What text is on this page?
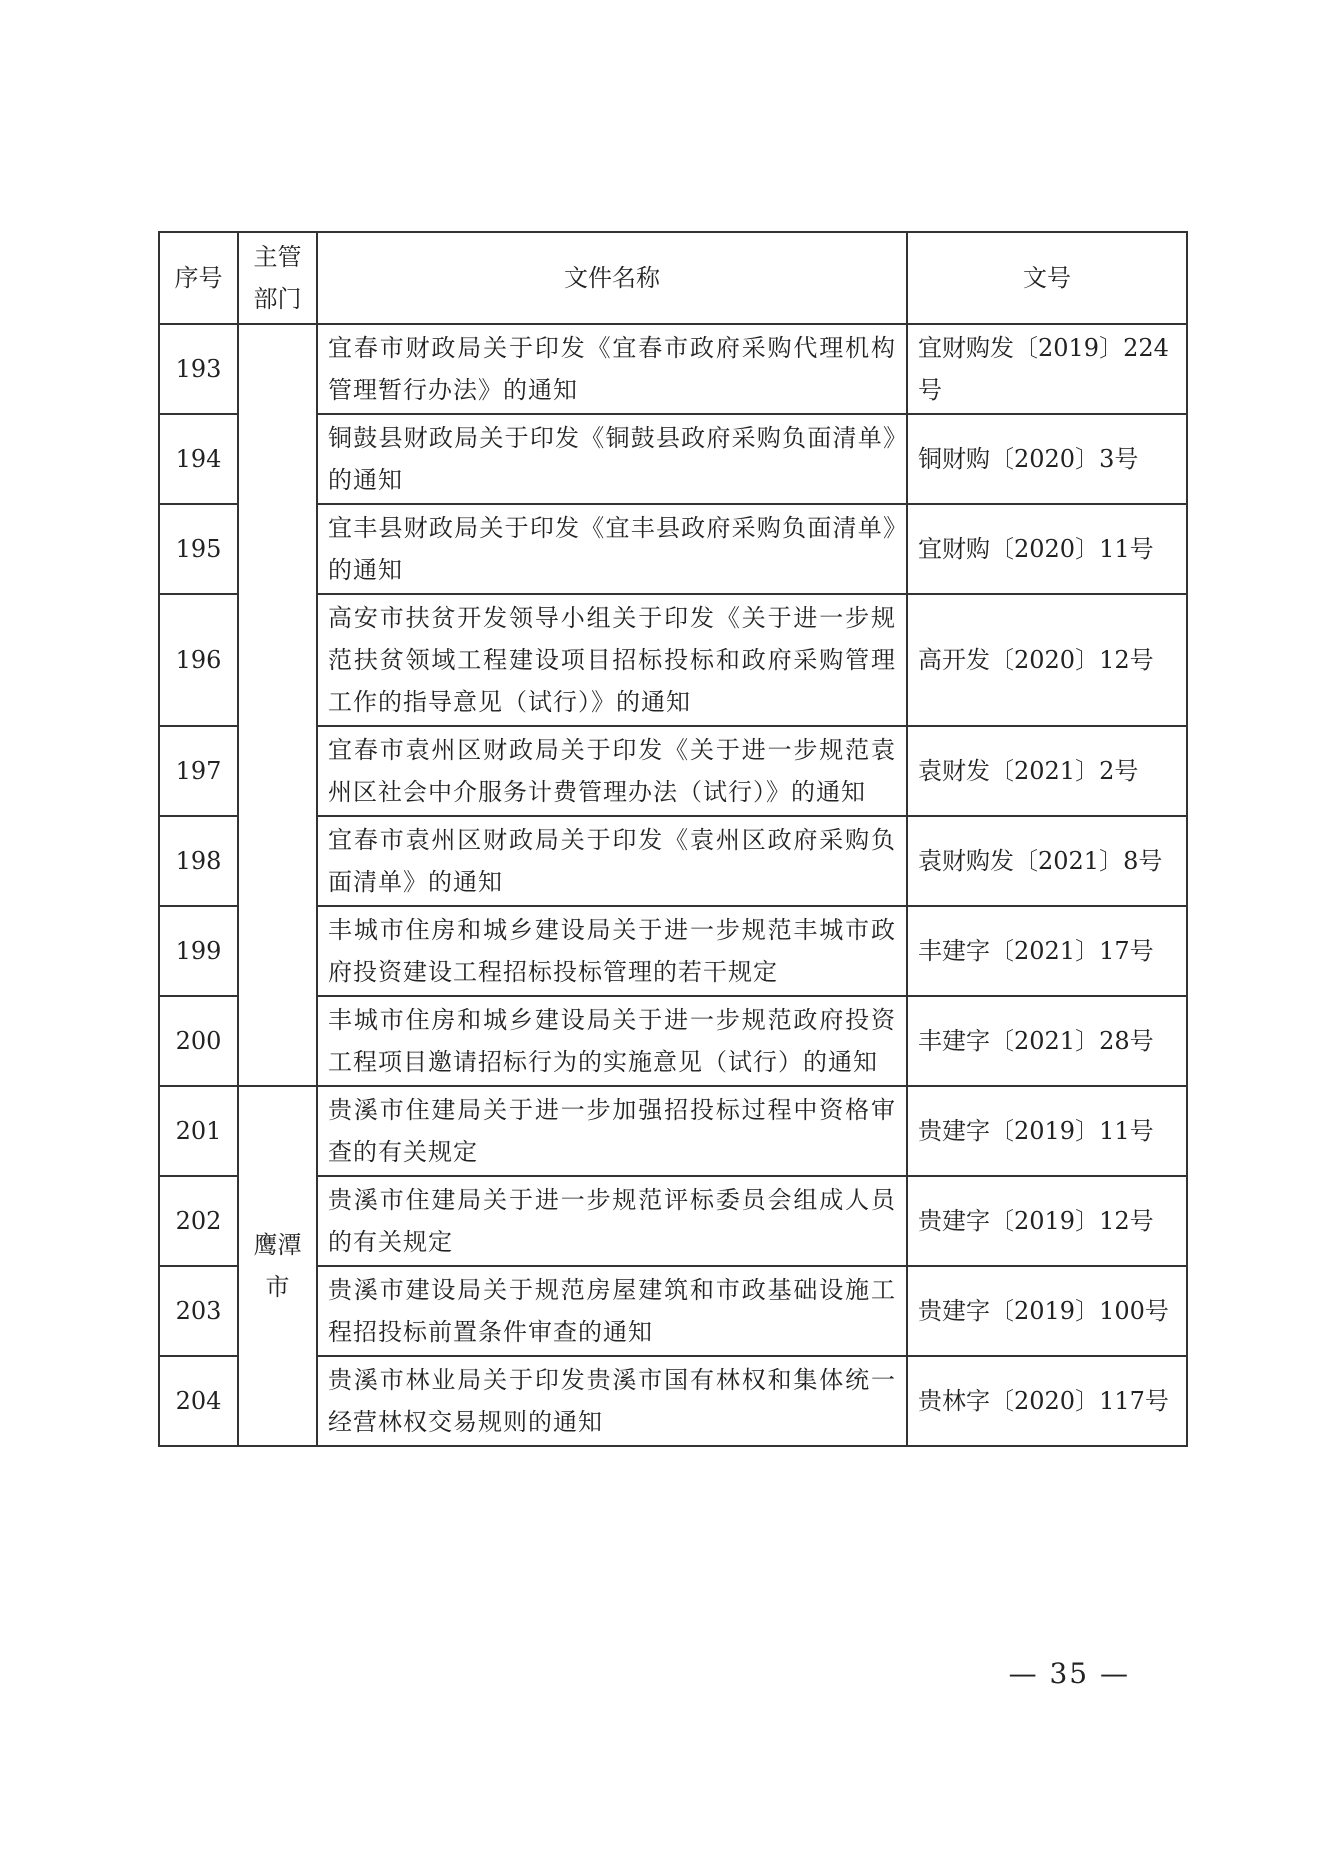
序号	主管部门	文件名称	文号
193		宜春市财政局关于印发《宜春市政府采购代理机构管理暂行办法》的通知	宜财购发〔2019〕224号
194		铜鼓县财政局关于印发《铜鼓县政府采购负面清单》的通知	铜财购〔2020〕3号
195		宜丰县财政局关于印发《宜丰县政府采购负面清单》的通知	宜财购〔2020〕11号
196		高安市扶贫开发领导小组关于印发《关于进一步规范扶贫领域工程建设项目招标投标和政府采购管理工作的指导意见（试行）》的通知	高开发〔2020〕12号
197		宜春市袁州区财政局关于印发《关于进一步规范袁州区社会中介服务计费管理办法（试行）》的通知	袁财发〔2021〕2号
198		宜春市袁州区财政局关于印发《袁州区政府采购负面清单》的通知	袁财购发〔2021〕8号
199		丰城市住房和城乡建设局关于进一步规范丰城市政府投资建设工程招标投标管理的若干规定	丰建字〔2021〕17号
200		丰城市住房和城乡建设局关于进一步规范政府投资工程项目邀请招标行为的实施意见（试行）的通知	丰建字〔2021〕28号
201	鹰潭市	贵溪市住建局关于进一步加强招投标过程中资格审查的有关规定	贵建字〔2019〕11号
202		贵溪市住建局关于进一步规范评标委员会组成人员的有关规定	贵建字〔2019〕12号
203		贵溪市建设局关于规范房屋建筑和市政基础设施工程招投标前置条件审查的通知	贵建字〔2019〕100号
204		贵溪市林业局关于印发贵溪市国有林权和集体统一经营林权交易规则的通知	贵林字〔2020〕117号
— 35 —
